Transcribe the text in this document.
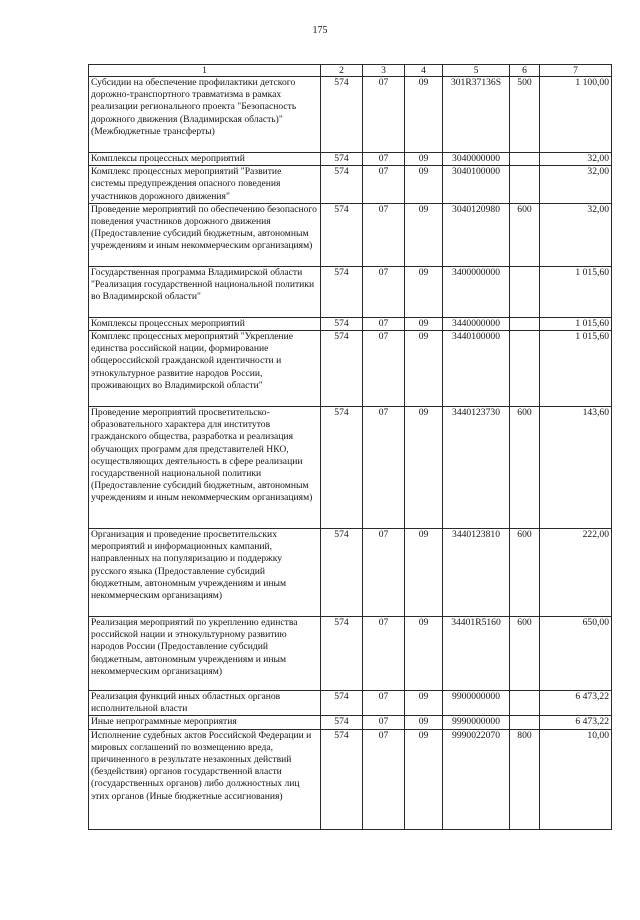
175
1	2	3	4	5	6	7
Субсидии на обеспечение профилактики детского дорожно-транспортного травматизма в рамках реализации регионального проекта "Безопасность дорожного движения (Владимирская область)" (Межбюджетные трансферты)	574	07	09	301R37136S	500	1 100,00
Комплексы процессных мероприятий	574	07	09	3040000000		32,00
Комплекс процессных мероприятий "Развитие системы предупреждения опасного поведения участников дорожного движения"	574	07	09	3040100000		32,00
Проведение мероприятий по обеспечению безопасного поведения участников дорожного движения (Предоставление субсидий бюджетным, автономным учреждениям и иным некоммерческим организациям)	574	07	09	3040120980	600	32,00
Государственная программа Владимирской области "Реализация государственной национальной политики во Владимирской области"	574	07	09	3400000000		1 015,60
Комплексы процессных мероприятий	574	07	09	3440000000		1 015,60
Комплекс процессных мероприятий "Укрепление единства российской нации, формирование общероссийской гражданской идентичности и этнокультурное развитие народов России, проживающих во Владимирской области"	574	07	09	3440100000		1 015,60
Проведение мероприятий просветительско-образовательного характера для институтов гражданского общества, разработка и реализация обучающих программ для представителей НКО, осуществляющих деятельность в сфере реализации государственной национальной политики (Предоставление субсидий бюджетным, автономным учреждениям и иным некоммерческим организациям)	574	07	09	3440123730	600	143,60
Организация и проведение просветительских мероприятий и информационных кампаний, направленных на популяризацию и поддержку русского языка (Предоставление субсидий бюджетным, автономным учреждениям и иным некоммерческим организациям)	574	07	09	3440123810	600	222,00
Реализация мероприятий по укреплению единства российской нации и этнокультурному развитию народов России (Предоставление субсидий бюджетным, автономным учреждениям и иным некоммерческим организациям)	574	07	09	34401R5160	600	650,00
Реализация функций иных областных органов исполнительной власти	574	07	09	9900000000		6 473,22
Иные непрограммные мероприятия	574	07	09	9990000000		6 473,22
Исполнение судебных актов Российской Федерации и мировых соглашений по возмещению вреда, причиненного в результате незаконных действий (бездействия) органов государственной власти (государственных органов) либо должностных лиц этих органов (Иные бюджетные ассигнования)	574	07	09	9990022070	800	10,00
